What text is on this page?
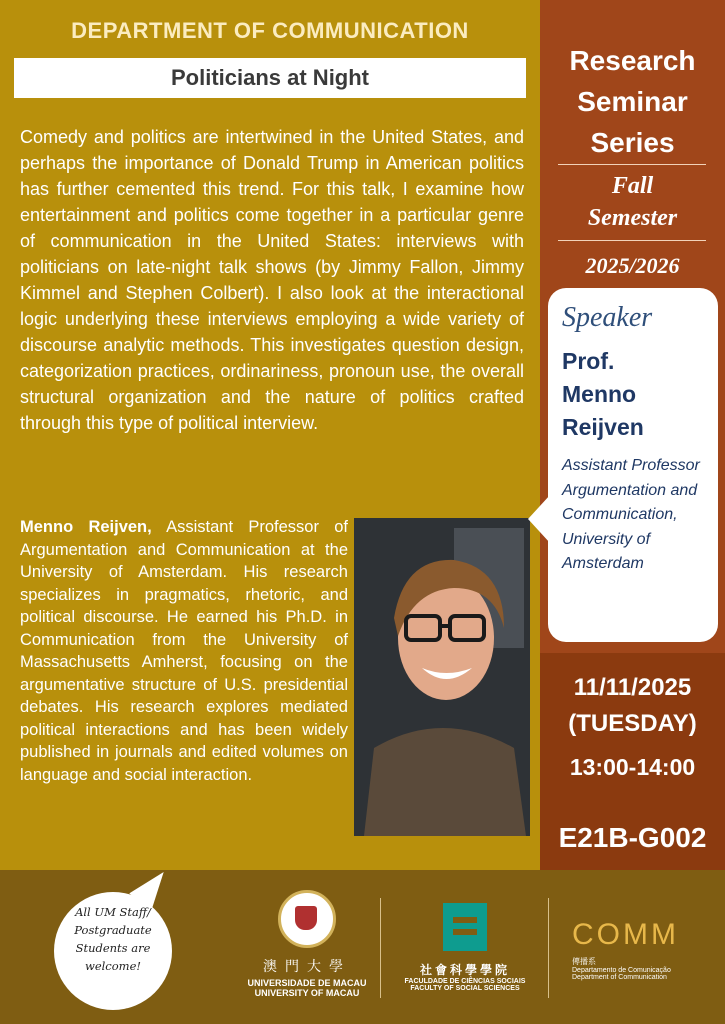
DEPARTMENT OF COMMUNICATION
Politicians at Night
Comedy and politics are intertwined in the United States, and perhaps the importance of Donald Trump in American politics has further cemented this trend. For this talk, I examine how entertainment and politics come together in a particular genre of communication in the United States: interviews with politicians on late-night talk shows (by Jimmy Fallon, Jimmy Kimmel and Stephen Colbert). I also look at the interactional logic underlying these interviews employing a wide variety of discourse analytic methods. This investigates question design, categorization practices, ordinariness, pronoun use, the overall structural organization and the nature of politics crafted through this type of political interview.
Menno Reijven, Assistant Professor of Argumentation and Communication at the University of Amsterdam. His research specializes in pragmatics, rhetoric, and political discourse. He earned his Ph.D. in Communication from the University of Massachusetts Amherst, focusing on the argumentative structure of U.S. presidential debates. His research explores mediated political interactions and has been widely published in journals and edited volumes on language and social interaction.
Research
Seminar
Series
Fall
Semester
2025/2026
Speaker
Prof.
Menno
Reijven
Assistant Professor Argumentation and Communication, University of Amsterdam
11/11/2025
(TUESDAY)
13:00-14:00
E21B-G002
All UM Staff/ Postgraduate Students are welcome!	澳門大學
UNIVERSIDADE DE MACAU
UNIVERSITY OF MACAU
社會科學學院
FACULDADE DE CIÊNCIAS SOCIAIS
FACULTY OF SOCIAL SCIENCES
COMM
傳播系
Departamento de Comunicação
Department of Communication
